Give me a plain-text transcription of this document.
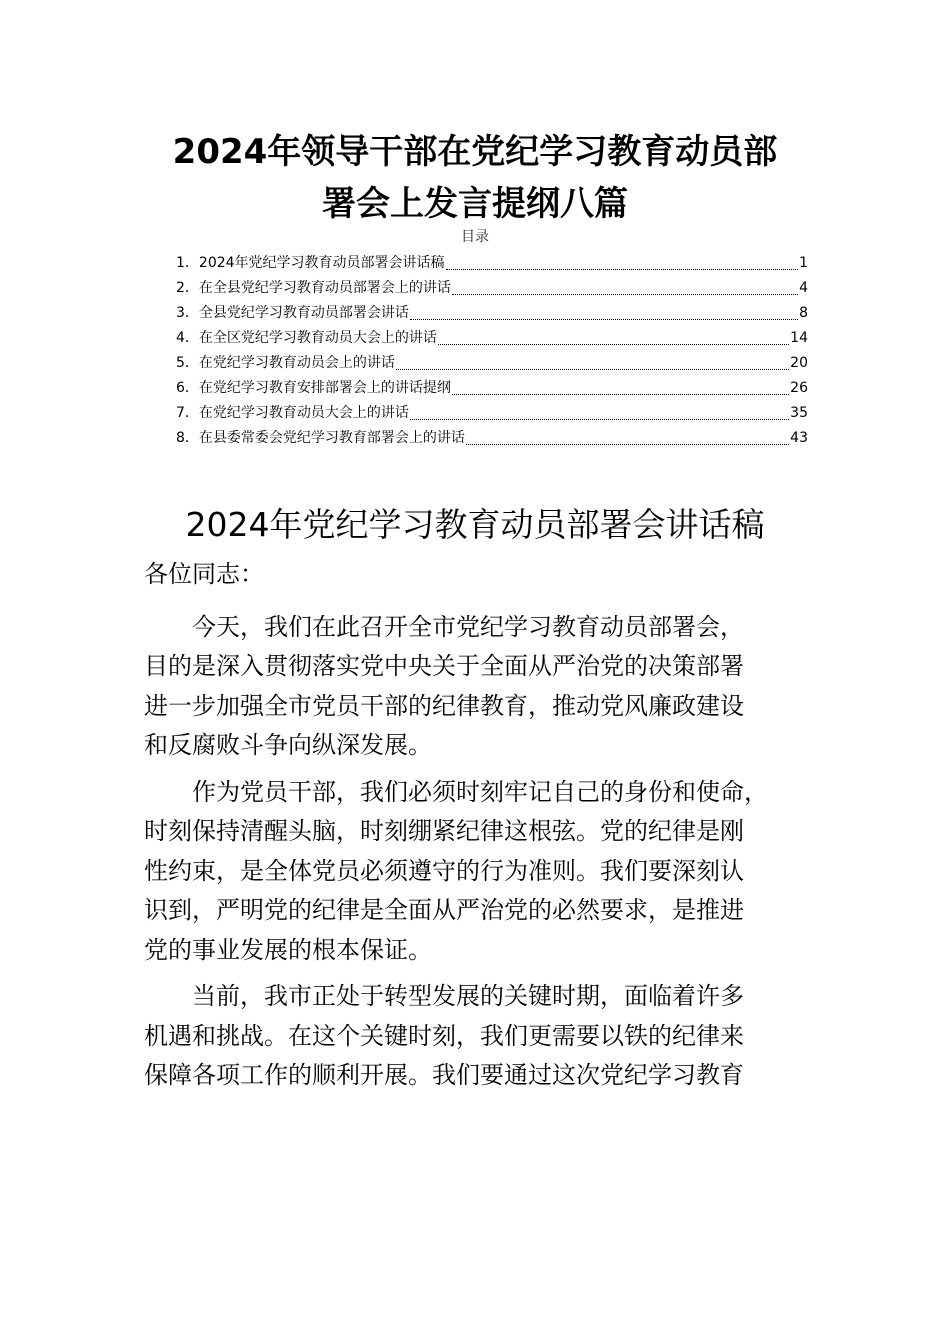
2024年领导干部在党纪学习教育动员部
署会上发言提纲八篇
目录
1． 2024年党纪学习教育动员部署会讲话稿	1
2． 在全县党纪学习教育动员部署会上的讲话	4
3． 全县党纪学习教育动员部署会讲话	8
4． 在全区党纪学习教育动员大会上的讲话	14
5． 在党纪学习教育动员会上的讲话	20
6． 在党纪学习教育安排部署会上的讲话提纲	26
7． 在党纪学习教育动员大会上的讲话	35
8． 在县委常委会党纪学习教育部署会上的讲话	43
2024年党纪学习教育动员部署会讲话稿

各位同志：

今天，我们在此召开全市党纪学习教育动员部署会，
目的是深入贯彻落实党中央关于全面从严治党的决策部署
进一步加强全市党员干部的纪律教育，推动党风廉政建设
和反腐败斗争向纵深发展。

作为党员干部，我们必须时刻牢记自己的身份和使命，
时刻保持清醒头脑，时刻绷紧纪律这根弦。党的纪律是刚
性约束，是全体党员必须遵守的行为准则。我们要深刻认
识到，严明党的纪律是全面从严治党的必然要求，是推进
党的事业发展的根本保证。

当前，我市正处于转型发展的关键时期，面临着许多
机遇和挑战。在这个关键时刻，我们更需要以铁的纪律来
保障各项工作的顺利开展。我们要通过这次党纪学习教育
